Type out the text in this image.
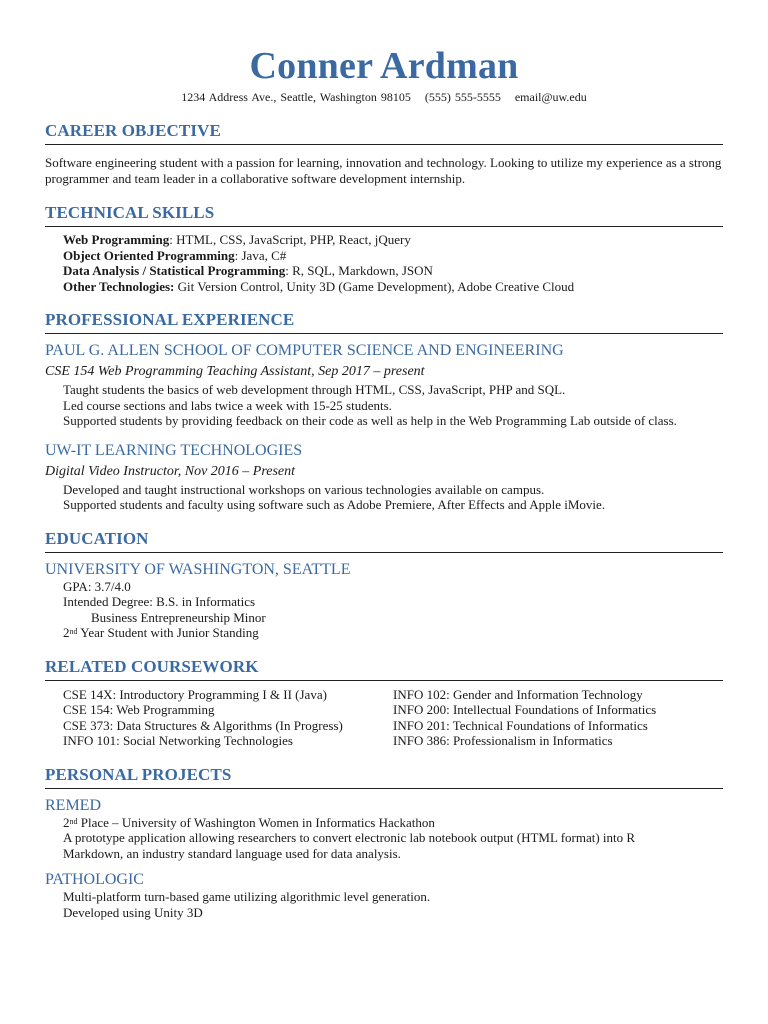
Conner Ardman
1234 Address Ave., Seattle, Washington 98105 (555) 555-5555 email@uw.edu
CAREER OBJECTIVE
Software engineering student with a passion for learning, innovation and technology. Looking to utilize my experience as a strong programmer and team leader in a collaborative software development internship.
TECHNICAL SKILLS
Web Programming: HTML, CSS, JavaScript, PHP, React, jQuery
Object Oriented Programming: Java, C#
Data Analysis / Statistical Programming: R, SQL, Markdown, JSON
Other Technologies: Git Version Control, Unity 3D (Game Development), Adobe Creative Cloud
PROFESSIONAL EXPERIENCE
PAUL G. ALLEN SCHOOL OF COMPUTER SCIENCE AND ENGINEERING
CSE 154 Web Programming Teaching Assistant, Sep 2017 – present
Taught students the basics of web development through HTML, CSS, JavaScript, PHP and SQL.
Led course sections and labs twice a week with 15-25 students.
Supported students by providing feedback on their code as well as help in the Web Programming Lab outside of class.
UW-IT LEARNING TECHNOLOGIES
Digital Video Instructor, Nov 2016 – Present
Developed and taught instructional workshops on various technologies available on campus.
Supported students and faculty using software such as Adobe Premiere, After Effects and Apple iMovie.
EDUCATION
UNIVERSITY OF WASHINGTON, SEATTLE
GPA: 3.7/4.0
Intended Degree: B.S. in Informatics
Business Entrepreneurship Minor
2nd Year Student with Junior Standing
RELATED COURSEWORK
CSE 14X: Introductory Programming I & II (Java)
CSE 154: Web Programming
CSE 373: Data Structures & Algorithms (In Progress)
INFO 101: Social Networking Technologies
INFO 102: Gender and Information Technology
INFO 200: Intellectual Foundations of Informatics
INFO 201: Technical Foundations of Informatics
INFO 386: Professionalism in Informatics
PERSONAL PROJECTS
REMED
2nd Place – University of Washington Women in Informatics Hackathon
A prototype application allowing researchers to convert electronic lab notebook output (HTML format) into R
Markdown, an industry standard language used for data analysis.
PATHOLOGIC
Multi-platform turn-based game utilizing algorithmic level generation.
Developed using Unity 3D
